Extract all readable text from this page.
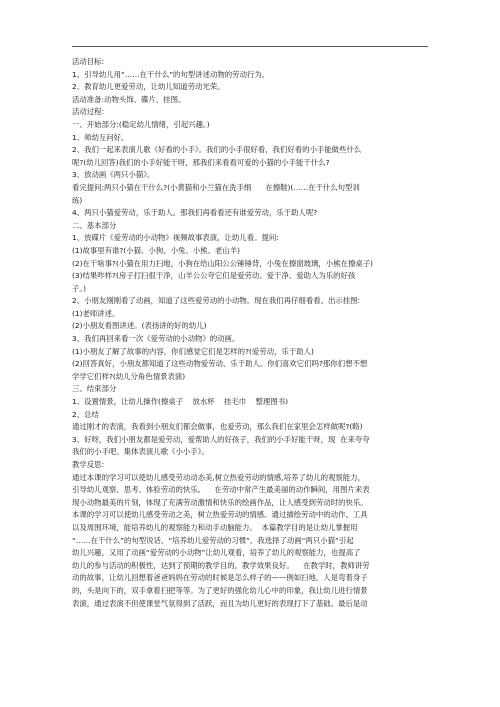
活动目标:
1、引导幼儿用“……在干什么”的句型讲述动物的劳动行为。
2、教育幼儿更爱劳动，让幼儿知道劳动光荣。
活动准备:动物头饰、碟片、挂图。
活动过程:
一、开始部分:(稳定幼儿情绪，引起兴趣。)
1、师幼互问好。
2、我们一起来表演儿歌《好看的小手》。我们的小手很好看，我们好看的小手能做些什么
呢?(幼儿回答)我们的小手好能干呀，那我们来看看可爱的小猫的小手能干什么?
3、放动画《两只小猫》。
看完提问:两只小猫在干什么?(小黄猫和小兰猫在洗手绢      在擦鞋)(……在干什么句型训
练)
4、两只小猫爱劳动，乐于助人。那我们再看看还有谁爱劳动，乐于助人呢?
二、基本部分
1、放碟片《爱劳动的小动物》视频故事表演，让幼儿看。提问:
(1)故事里有谁?(小猫、小狗、小兔、小熊、老山羊)
(2)在干啥事?(小猫在用力扫地，小狗在给山阳公公锤锤背，小兔在擦窗玻璃，小熊在擦桌子)
(3)结果咋样?(房子打扫很干净，山羊公公夸它们是爱劳动、爱干净、爱助人为乐的好孩
子。)
2、小朋友刚刚看了动画，知道了这些爱劳动的小动物。现在我们再仔细看看。出示挂图:
(1)老师讲述。
(2)小朋友看图讲述。(表扬讲的好的幼儿)
3、我们再回来看一次《爱劳动的小动物》的动画。
(1)小朋友了解了故事的内容，你们感觉它们是怎样的?(爱劳动，乐于助人)
(2)回答真好，小朋友都知道了这些动物爱劳动、乐于助人。你们喜欢它们吗?那你们想不想
学学它们样?(幼儿分角色情景表演)
三、结束部分
1、设置情景，让幼儿操作(擦桌子    放水杯    挂毛巾    整理图书)
2、总结
通过刚才的表演，我看到小朋友们都会做事，也爱劳动，那么我们在家里会怎样做呢?(略)
3、好呀，我们小朋友都是爱劳动，爱帮助人的好孩子，我们的小手好能干呀，现  在来夸夸
我们的小手吧。集体表演儿歌《小小手》。
教学反思:
通过本课的学习可以使幼儿感受劳动动态美,树立热爱劳动的情感,培养了幼儿的观察能力，
引导幼儿观察、思考、体验劳动的快乐。    在劳动中常产生最美丽的动作瞬间，用图片来表
现小动物最美的片刻，体现了充满劳动激情和快乐的绘画作品，让人感受到劳动时的快乐。
本课的学习可以使幼儿感受劳动之美，树立热爱劳动的情感。通过描绘劳动中的动作、工具
以及周围环境，能培养幼儿的观察能力和动手动脑能力。  本篇教学目的是让幼儿掌握用
“……在干什么”的句型说话、“培养幼儿爱劳动的习惯”。我选择了动画“两只小猫”引起
幼儿兴趣，又用了动画“爱劳动的小动物”让幼儿观看，培养了幼儿的观察能力，也提高了
幼儿的参与活动的积极性，达到了预期的教学目的，教学效果良好。    在教学时，教师讲劳
动的故事，让幼儿回想着爸爸妈妈在劳动的时候是怎么样子的——例如扫地，人是弯着身子
的，头是向下的，双手拿着扫把等等。为了更好的强化幼儿心中的印象，我让幼儿进行情景
表演，通过表演不但使课堂气氛得到了活跃，而且为幼儿更好的表现打下了基础。最后是动
